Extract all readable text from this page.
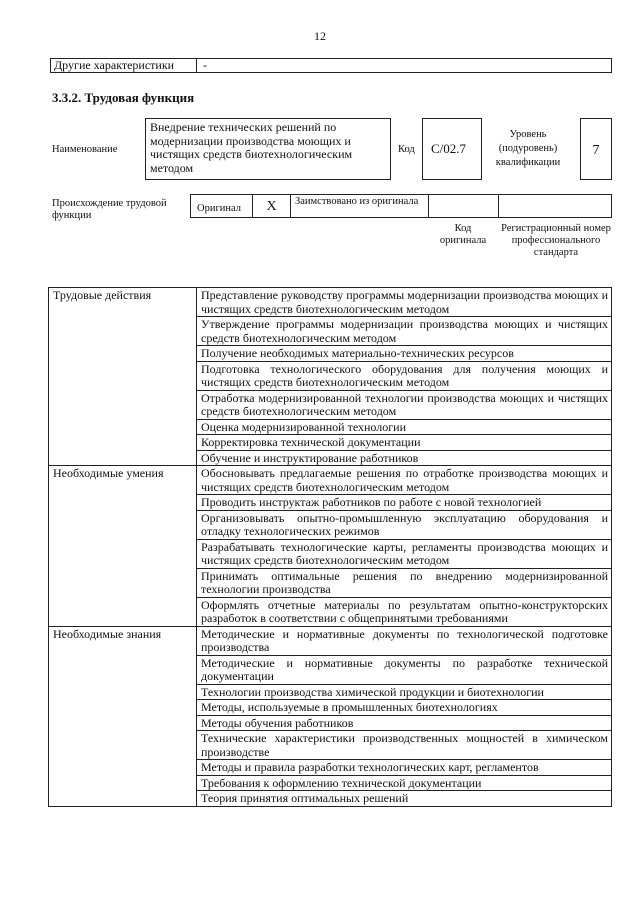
12
Другие характеристики	-
3.3.2. Трудовая функция
Наименование
Внедрение технических решений по модернизации производства моющих и чистящих средств биотехнологическим методом
Код	C/02.7
Уровень (подуровень) квалификации
7
Происхождение трудовой функции
Оригинал	X	Заимствовано из оригинала
Код оригинала
Регистрационный номер профессионального стандарта
Трудовые действия	Представление руководству программы модернизации производства моющих и чистящих средств биотехнологическим методом
	Утверждение программы модернизации производства моющих и чистящих средств биотехнологическим методом
	Получение необходимых материально-технических ресурсов
	Подготовка технологического оборудования для получения моющих и чистящих средств биотехнологическим методом
	Отработка модернизированной технологии производства моющих и чистящих средств биотехнологическим методом
	Оценка модернизированной технологии
	Корректировка технической документации
	Обучение и инструктирование работников
Необходимые умения	Обосновывать предлагаемые решения по отработке производства моющих и чистящих средств биотехнологическим методом
	Проводить инструктаж работников по работе с новой технологией
	Организовывать опытно-промышленную эксплуатацию оборудования и отладку технологических режимов
	Разрабатывать технологические карты, регламенты производства моющих и чистящих средств биотехнологическим методом
	Принимать оптимальные решения по внедрению модернизированной технологии производства
	Оформлять отчетные материалы по результатам опытно-конструкторских разработок в соответствии с общепринятыми требованиями
Необходимые знания	Методические и нормативные документы по технологической подготовке производства
	Методические и нормативные документы по разработке технической документации
	Технологии производства химической продукции и биотехнологии
	Методы, используемые в промышленных биотехнологиях
	Методы обучения работников
	Технические характеристики производственных мощностей в химическом производстве
	Методы и правила разработки технологических карт, регламентов
	Требования к оформлению технической документации
	Теория принятия оптимальных решений
